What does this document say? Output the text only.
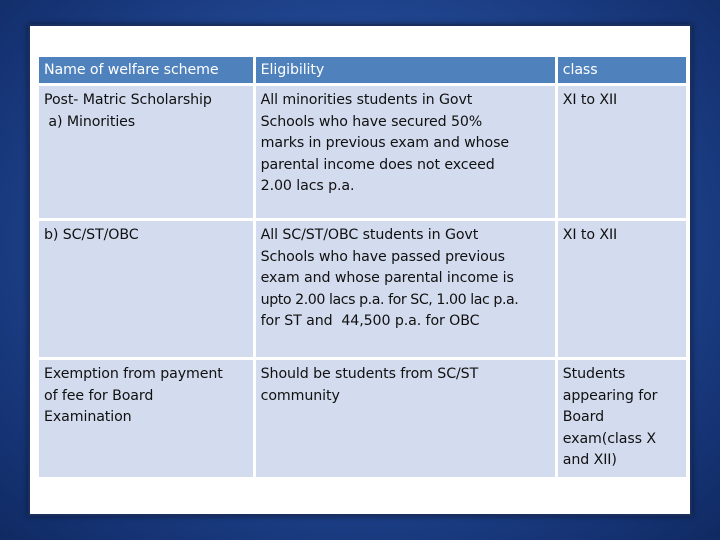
Name of welfare scheme	Eligibility	class

Post- Matric Scholarship
a) Minorities	All minorities students in Govt
Schools who have secured 50%
marks in previous exam and whose
parental income does not exceed
2.00 lacs p.a.	XI to XII

b) SC/ST/OBC	All SC/ST/OBC students in Govt
Schools who have passed previous
exam and whose parental income is
upto 2.00 lacs p.a. for SC, 1.00 lac p.a.
for ST and  44,500 p.a. for OBC	XI to XII

Exemption from payment
of fee for Board
Examination	Should be students from SC/ST
community	Students
appearing for
Board
exam(class X
and XII)
